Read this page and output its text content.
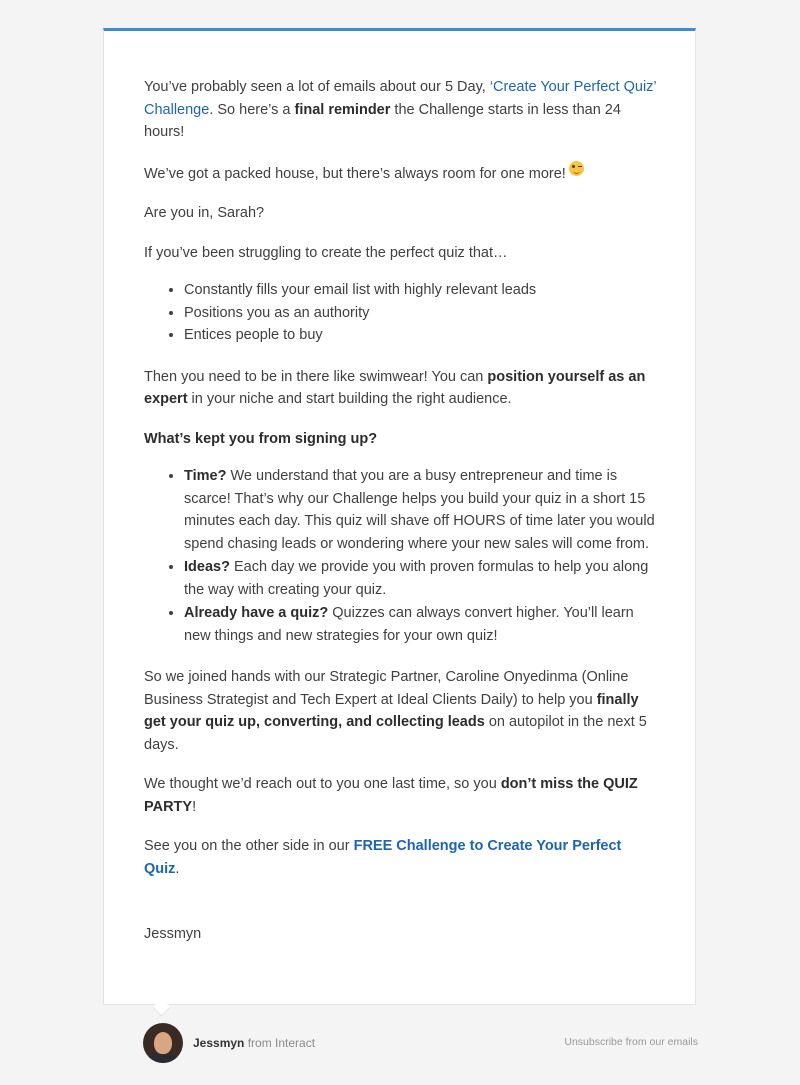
You’ve probably seen a lot of emails about our 5 Day, ‘Create Your Perfect Quiz’ Challenge. So here’s a final reminder the Challenge starts in less than 24 hours!

We’ve got a packed house, but there’s always room for one more!

Are you in, Sarah?

If you’ve been struggling to create the perfect quiz that…

• Constantly fills your email list with highly relevant leads
• Positions you as an authority
• Entices people to buy

Then you need to be in there like swimwear! You can position yourself as an expert in your niche and start building the right audience.

What’s kept you from signing up?

• Time? We understand that you are a busy entrepreneur and time is scarce! That’s why our Challenge helps you build your quiz in a short 15 minutes each day. This quiz will shave off HOURS of time later you would spend chasing leads or wondering where your new sales will come from.
• Ideas? Each day we provide you with proven formulas to help you along the way with creating your quiz.
• Already have a quiz? Quizzes can always convert higher. You’ll learn new things and new strategies for your own quiz!

So we joined hands with our Strategic Partner, Caroline Onyedinma (Online Business Strategist and Tech Expert at Ideal Clients Daily) to help you finally get your quiz up, converting, and collecting leads on autopilot in the next 5 days.

We thought we’d reach out to you one last time, so you don’t miss the QUIZ PARTY!

See you on the other side in our FREE Challenge to Create Your Perfect Quiz.

Jessmyn

Jessmyn from Interact	Unsubscribe from our emails
